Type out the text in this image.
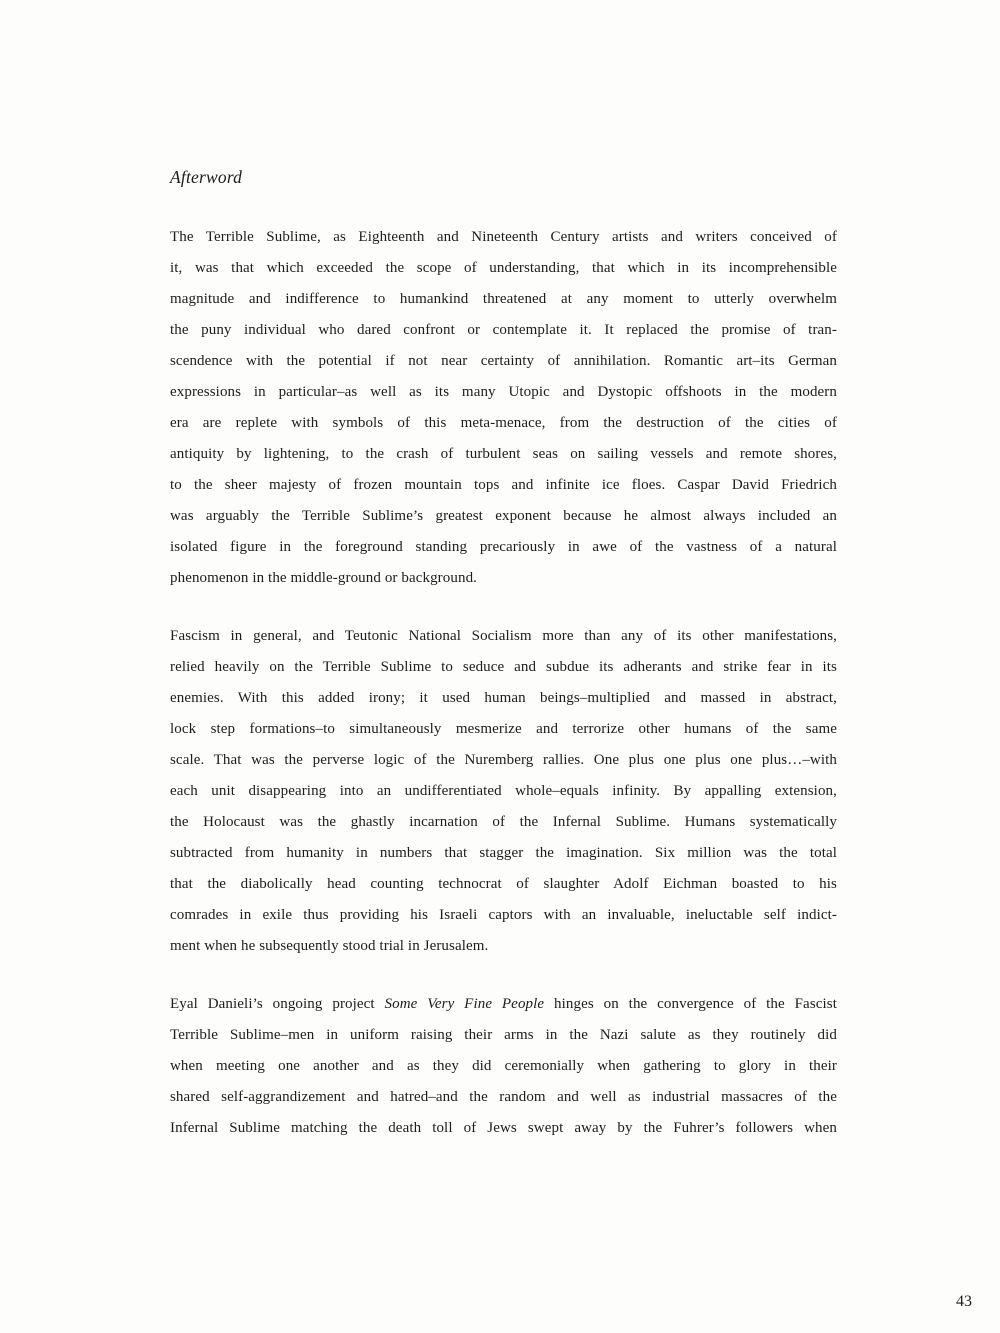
Afterword
The Terrible Sublime, as Eighteenth and Nineteenth Century artists and writers conceived of
it, was that which exceeded the scope of understanding, that which in its incomprehensible
magnitude and indifference to humankind threatened at any moment to utterly overwhelm
the puny individual who dared confront or contemplate it. It replaced the promise of tran-
scendence with the potential if not near certainty of annihilation. Romantic art–its German
expressions in particular–as well as its many Utopic and Dystopic offshoots in the modern
era are replete with symbols of this meta-menace, from the destruction of the cities of
antiquity by lightening, to the crash of turbulent seas on sailing vessels and remote shores,
to the sheer majesty of frozen mountain tops and infinite ice floes. Caspar David Friedrich
was arguably the Terrible Sublime’s greatest exponent because he almost always included an
isolated figure in the foreground standing precariously in awe of the vastness of a natural
phenomenon in the middle-ground or background.
Fascism in general, and Teutonic National Socialism more than any of its other manifestations,
relied heavily on the Terrible Sublime to seduce and subdue its adherants and strike fear in its
enemies. With this added irony; it used human beings–multiplied and massed in abstract,
lock step formations–to simultaneously mesmerize and terrorize other humans of the same
scale. That was the perverse logic of the Nuremberg rallies. One plus one plus one plus…–with
each unit disappearing into an undifferentiated whole–equals infinity. By appalling extension,
the Holocaust was the ghastly incarnation of the Infernal Sublime. Humans systematically
subtracted from humanity in numbers that stagger the imagination. Six million was the total
that the diabolically head counting technocrat of slaughter Adolf Eichman boasted to his
comrades in exile thus providing his Israeli captors with an invaluable, ineluctable self indict-
ment when he subsequently stood trial in Jerusalem.
Eyal Danieli’s ongoing project Some Very Fine People hinges on the convergence of the Fascist
Terrible Sublime–men in uniform raising their arms in the Nazi salute as they routinely did
when meeting one another and as they did ceremonially when gathering to glory in their
shared self-aggrandizement and hatred–and the random and well as industrial massacres of the
Infernal Sublime matching the death toll of Jews swept away by the Fuhrer’s followers when
43
